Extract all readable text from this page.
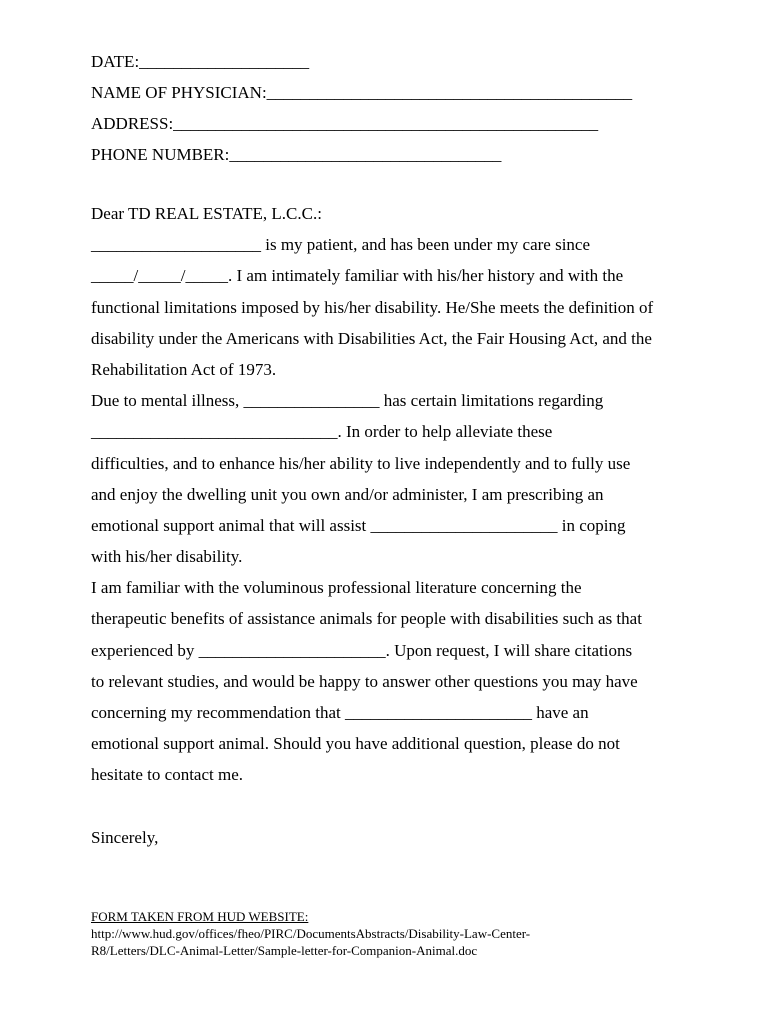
DATE:____________________
NAME OF PHYSICIAN:___________________________________________
ADDRESS:__________________________________________________
PHONE NUMBER:________________________________
Dear TD REAL ESTATE, L.C.C.:
____________________ is my patient, and has been under my care since
_____/_____/_____. I am intimately familiar with his/her history and with the
functional limitations imposed by his/her disability. He/She meets the definition of
disability under the Americans with Disabilities Act, the Fair Housing Act, and the
Rehabilitation Act of 1973.
Due to mental illness, ________________ has certain limitations regarding
_____________________________. In order to help alleviate these
difficulties, and to enhance his/her ability to live independently and to fully use
and enjoy the dwelling unit you own and/or administer, I am prescribing an
emotional support animal that will assist ______________________ in coping
with his/her disability.
I am familiar with the voluminous professional literature concerning the
therapeutic benefits of assistance animals for people with disabilities such as that
experienced by ______________________. Upon request, I will share citations
to relevant studies, and would be happy to answer other questions you may have
concerning my recommendation that ______________________ have an
emotional support animal. Should you have additional question, please do not
hesitate to contact me.
Sincerely,
FORM TAKEN FROM HUD WEBSITE:
http://www.hud.gov/offices/fheo/PIRC/DocumentsAbstracts/Disability-Law-Center-
R8/Letters/DLC-Animal-Letter/Sample-letter-for-Companion-Animal.doc
